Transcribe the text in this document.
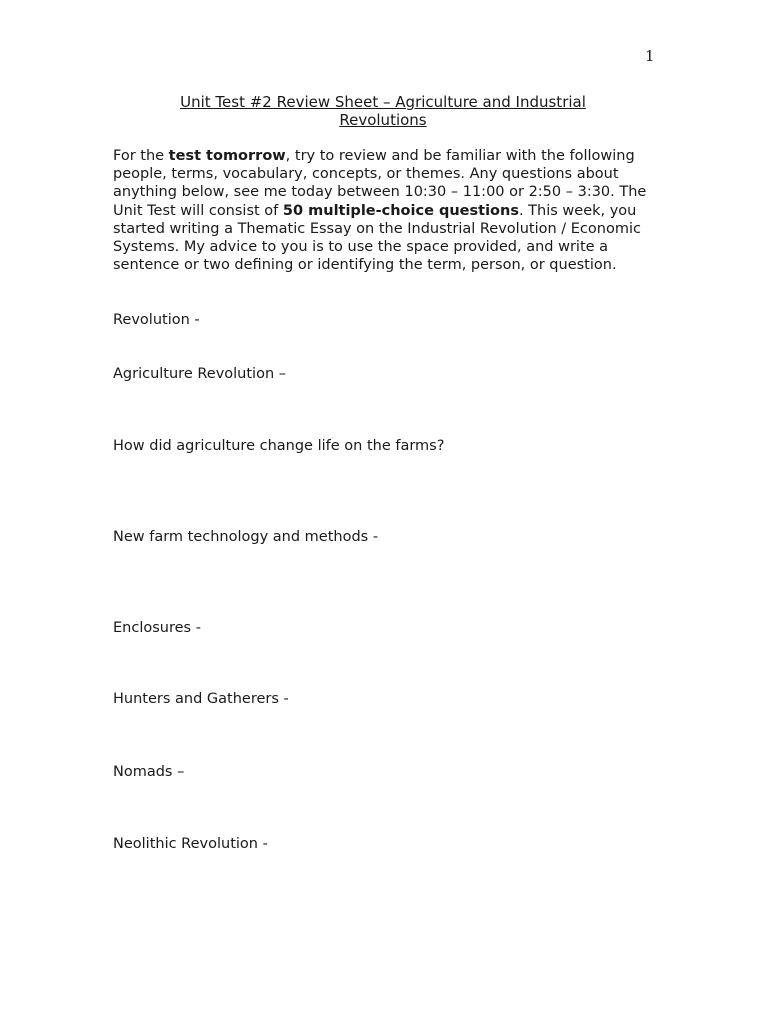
1
Unit Test #2 Review Sheet – Agriculture and Industrial
Revolutions
For the test tomorrow, try to review and be familiar with the following people, terms, vocabulary, concepts, or themes. Any questions about anything below, see me today between 10:30 – 11:00 or 2:50 – 3:30. The Unit Test will consist of 50 multiple-choice questions. This week, you started writing a Thematic Essay on the Industrial Revolution / Economic Systems. My advice to you is to use the space provided, and write a sentence or two defining or identifying the term, person, or question.
Revolution -
Agriculture Revolution –
How did agriculture change life on the farms?
New farm technology and methods -
Enclosures -
Hunters and Gatherers -
Nomads –
Neolithic Revolution -
